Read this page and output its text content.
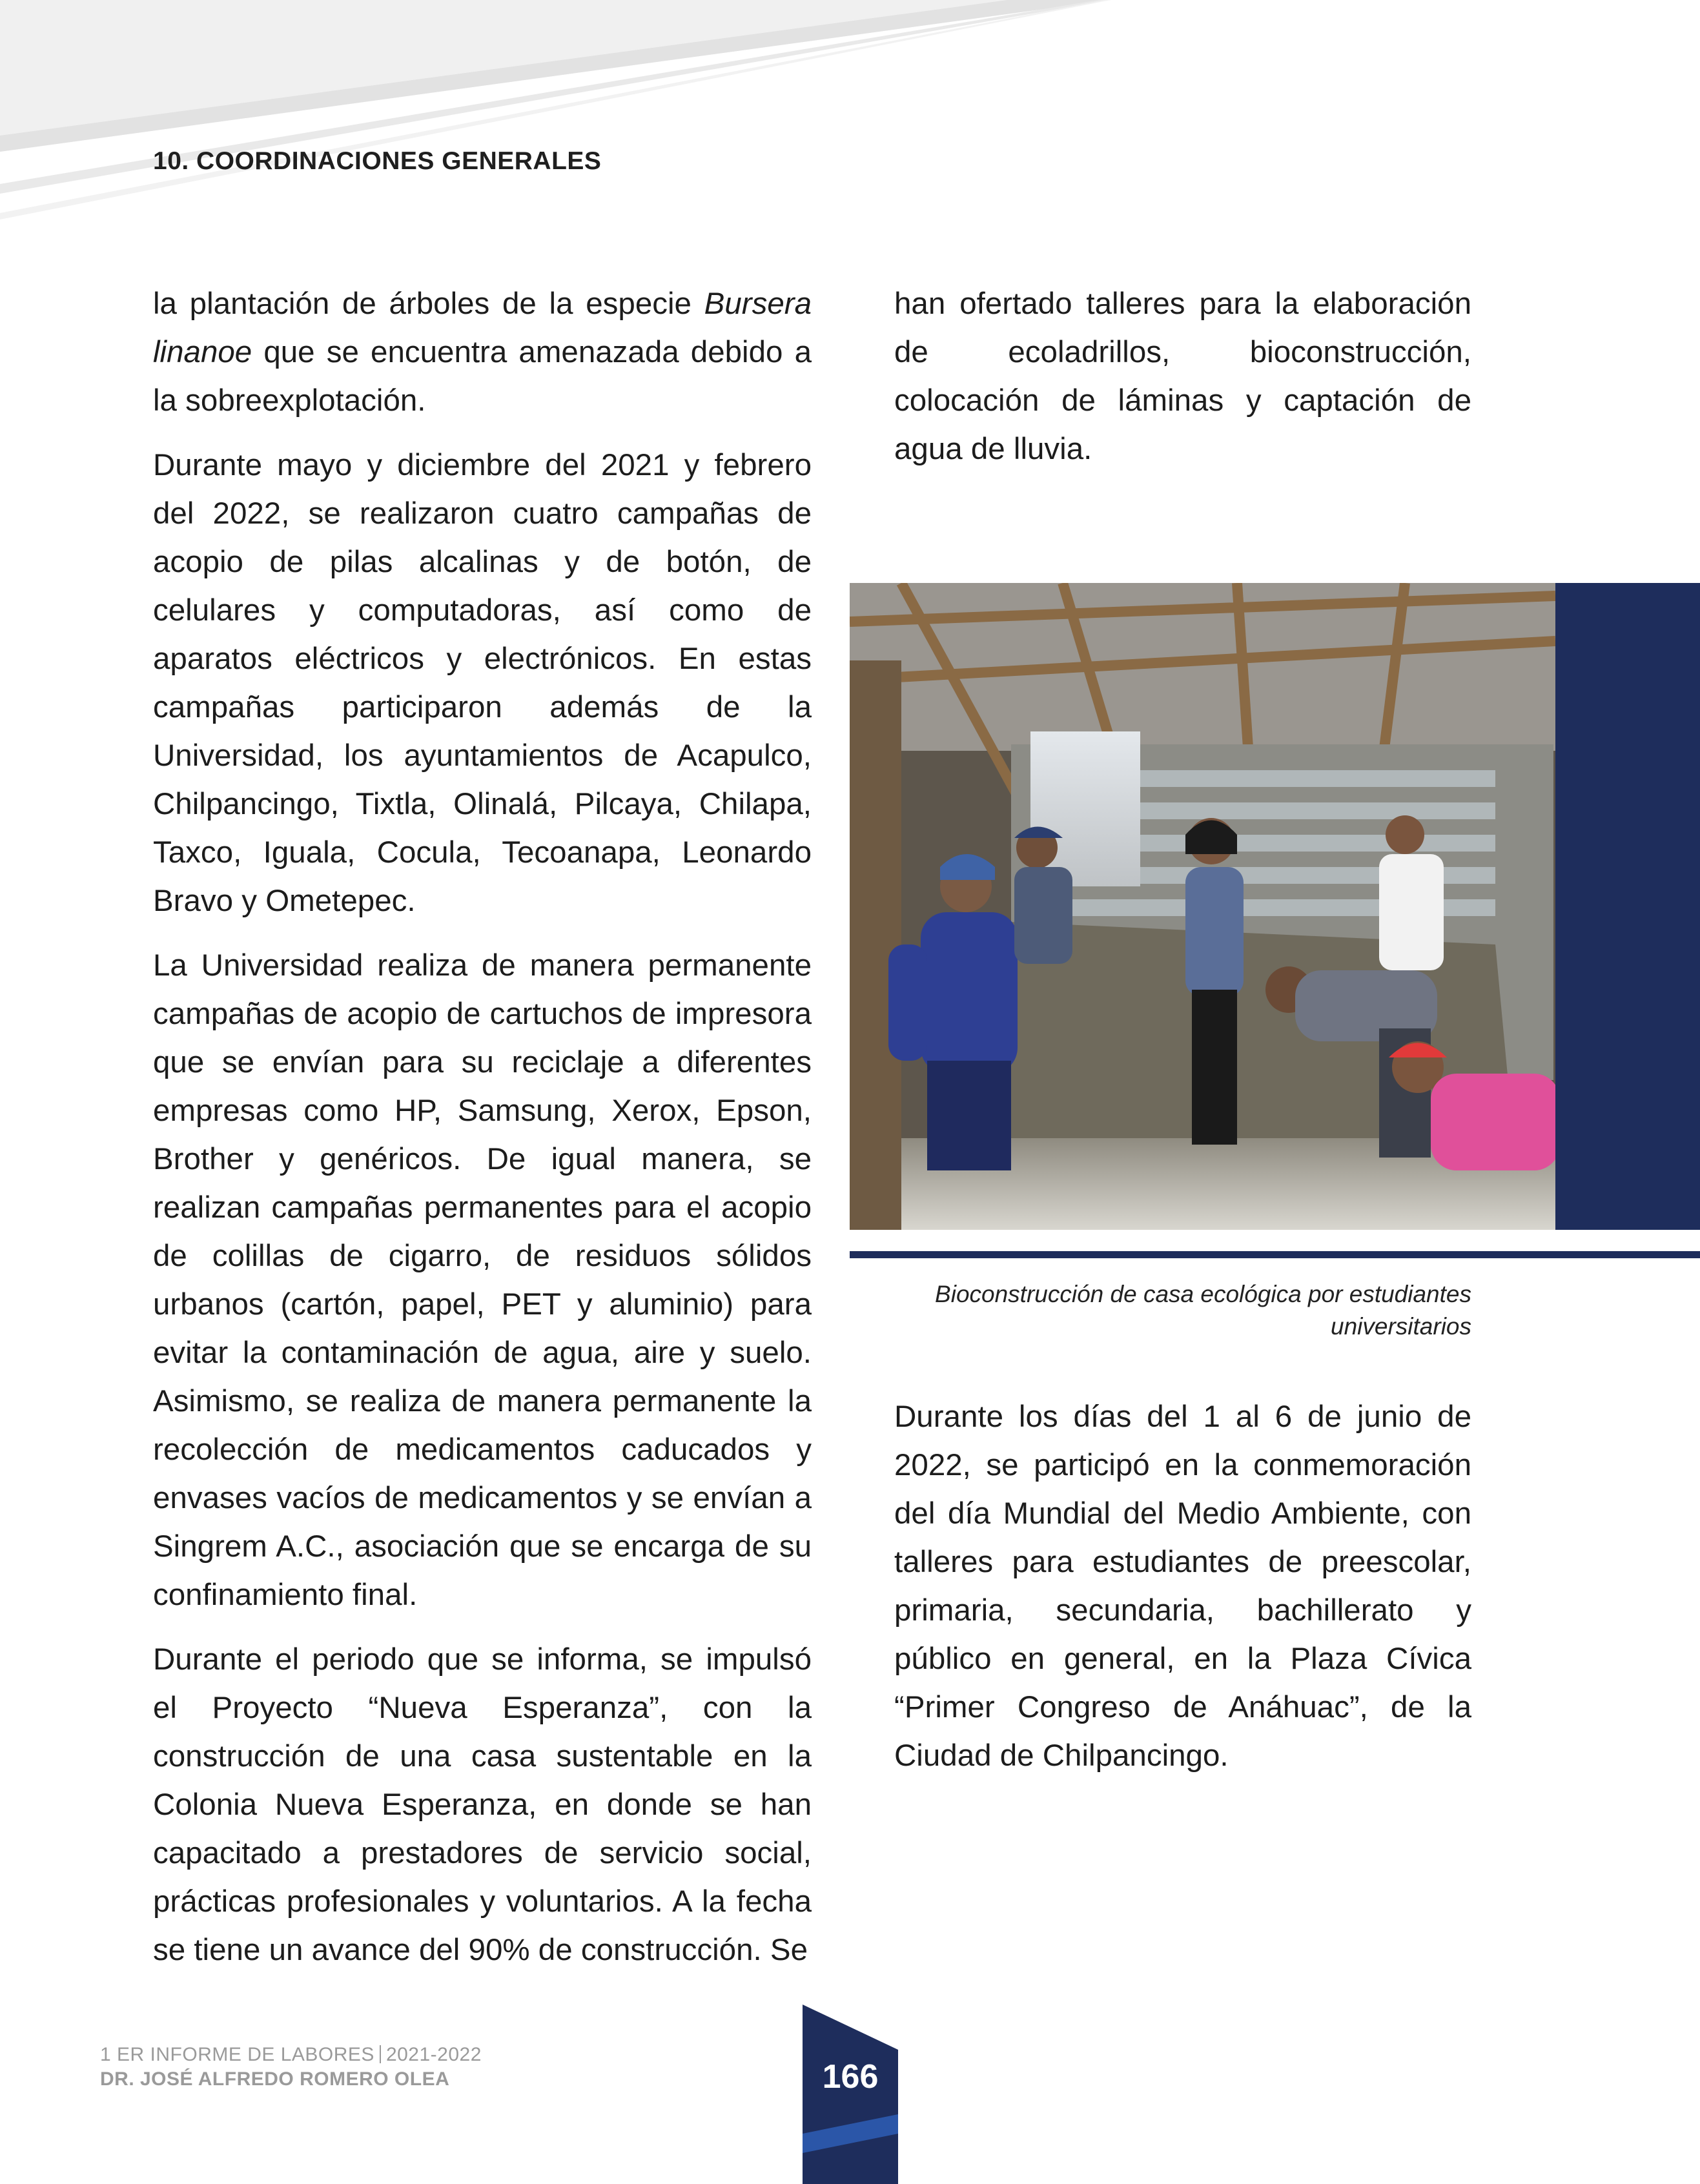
10. COORDINACIONES GENERALES

la plantación de árboles de la especie Bursera linanoe que se encuentra amenazada debido a la sobreexplotación.

Durante mayo y diciembre del 2021 y febrero del 2022, se realizaron cuatro campañas de acopio de pilas alcalinas y de botón, de celulares y computadoras, así como de aparatos eléctricos y electrónicos. En estas campañas participaron además de la Universidad, los ayuntamientos de Acapulco, Chilpancingo, Tixtla, Olinalá, Pilcaya, Chilapa, Taxco, Iguala, Cocula, Tecoanapa, Leonardo Bravo y Ometepec.

La Universidad realiza de manera permanente campañas de acopio de cartuchos de impresora que se envían para su reciclaje a diferentes empresas como HP, Samsung, Xerox, Epson, Brother y genéricos. De igual manera, se realizan campañas permanentes para el acopio de colillas de cigarro, de residuos sólidos urbanos (cartón, papel, PET y aluminio) para evitar la contaminación de agua, aire y suelo. Asimismo, se realiza de manera permanente la recolección de medicamentos caducados y envases vacíos de medicamentos y se envían a Singrem A.C., asociación que se encarga de su confinamiento final.

Durante el periodo que se informa, se impulsó el Proyecto “Nueva Esperanza”, con la construcción de una casa sustentable en la Colonia Nueva Esperanza, en donde se han capacitado a prestadores de servicio social, prácticas profesionales y voluntarios. A la fecha se tiene un avance del 90% de construcción. Se

han ofertado talleres para la elaboración de ecoladrillos, bioconstrucción, colocación de láminas y captación de agua de lluvia.

Bioconstrucción de casa ecológica por estudiantes
universitarios

Durante los días del 1 al 6 de junio de 2022, se participó en la conmemoración del día Mundial del Medio Ambiente, con talleres para estudiantes de preescolar, primaria, secundaria, bachillerato y público en general, en la Plaza Cívica “Primer Congreso de Anáhuac”, de la Ciudad de Chilpancingo.

1 ER INFORME DE LABORES 2021-2022
DR. JOSÉ ALFREDO ROMERO OLEA	166
